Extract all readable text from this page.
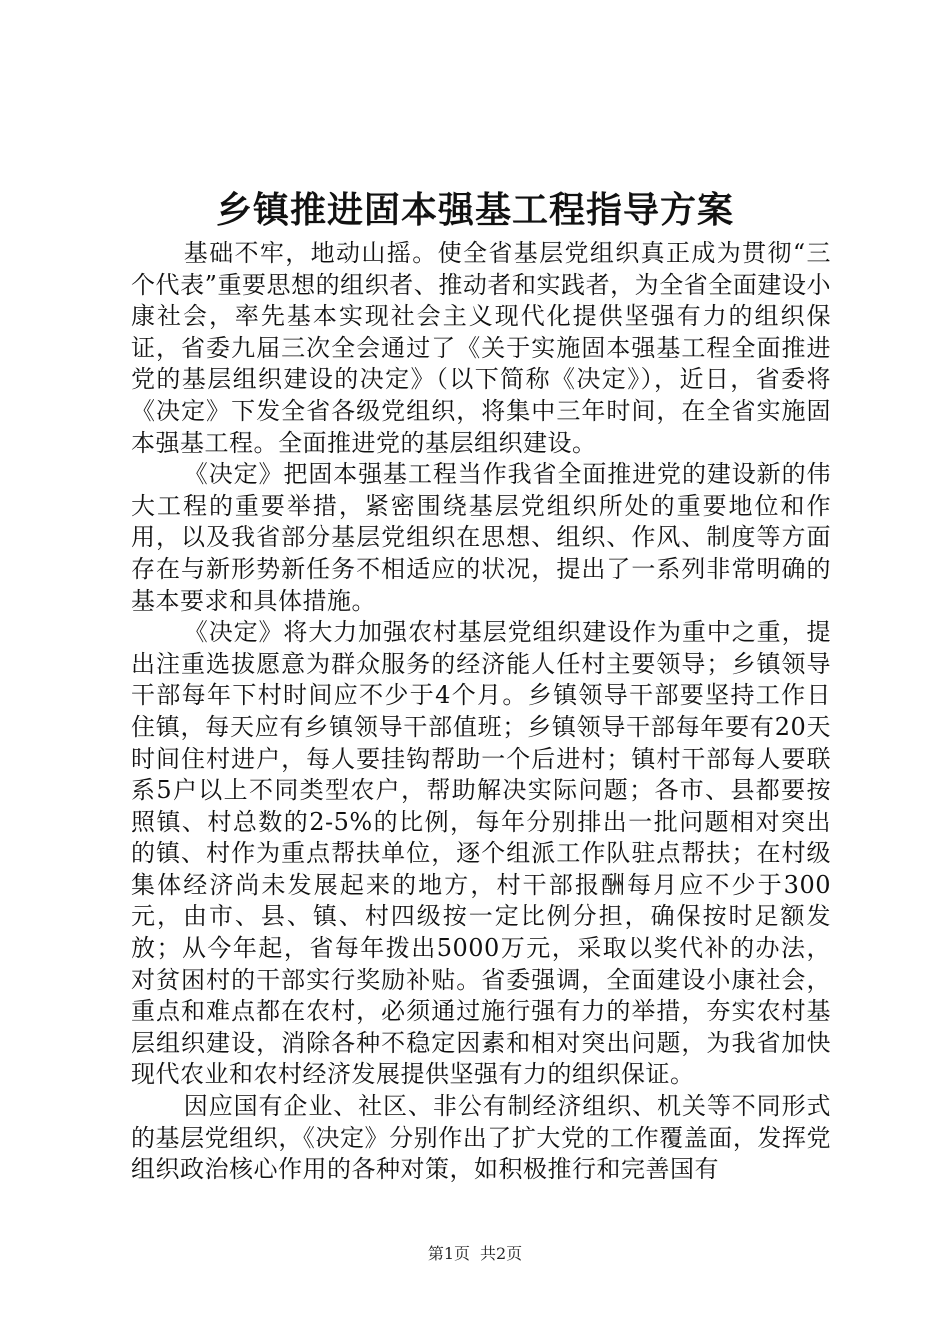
乡镇推进固本强基工程指导方案

基础不牢，地动山摇。使全省基层党组织真正成为贯彻“三个代表”重要思想的组织者、推动者和实践者，为全省全面建设小康社会，率先基本实现社会主义现代化提供坚强有力的组织保证，省委九届三次全会通过了《关于实施固本强基工程全面推进党的基层组织建设的决定》（以下简称《决定》），近日，省委将《决定》下发全省各级党组织，将集中三年时间，在全省实施固本强基工程。全面推进党的基层组织建设。

《决定》把固本强基工程当作我省全面推进党的建设新的伟大工程的重要举措，紧密围绕基层党组织所处的重要地位和作用，以及我省部分基层党组织在思想、组织、作风、制度等方面存在与新形势新任务不相适应的状况，提出了一系列非常明确的基本要求和具体措施。

《决定》将大力加强农村基层党组织建设作为重中之重，提出注重选拔愿意为群众服务的经济能人任村主要领导；乡镇领导干部每年下村时间应不少于4个月。乡镇领导干部要坚持工作日住镇，每天应有乡镇领导干部值班；乡镇领导干部每年要有20天时间住村进户，每人要挂钩帮助一个后进村；镇村干部每人要联系5户以上不同类型农户，帮助解决实际问题；各市、县都要按照镇、村总数的2-5%的比例，每年分别排出一批问题相对突出的镇、村作为重点帮扶单位，逐个组派工作队驻点帮扶；在村级集体经济尚未发展起来的地方，村干部报酬每月应不少于300元，由市、县、镇、村四级按一定比例分担，确保按时足额发放；从今年起，省每年拨出5000万元，采取以奖代补的办法，对贫困村的干部实行奖励补贴。省委强调，全面建设小康社会，重点和难点都在农村，必须通过施行强有力的举措，夯实农村基层组织建设，消除各种不稳定因素和相对突出问题，为我省加快现代农业和农村经济发展提供坚强有力的组织保证。

因应国有企业、社区、非公有制经济组织、机关等不同形式的基层党组织，《决定》分别作出了扩大党的工作覆盖面，发挥党组织政治核心作用的各种对策，如积极推行和完善国有

第1页 共2页
